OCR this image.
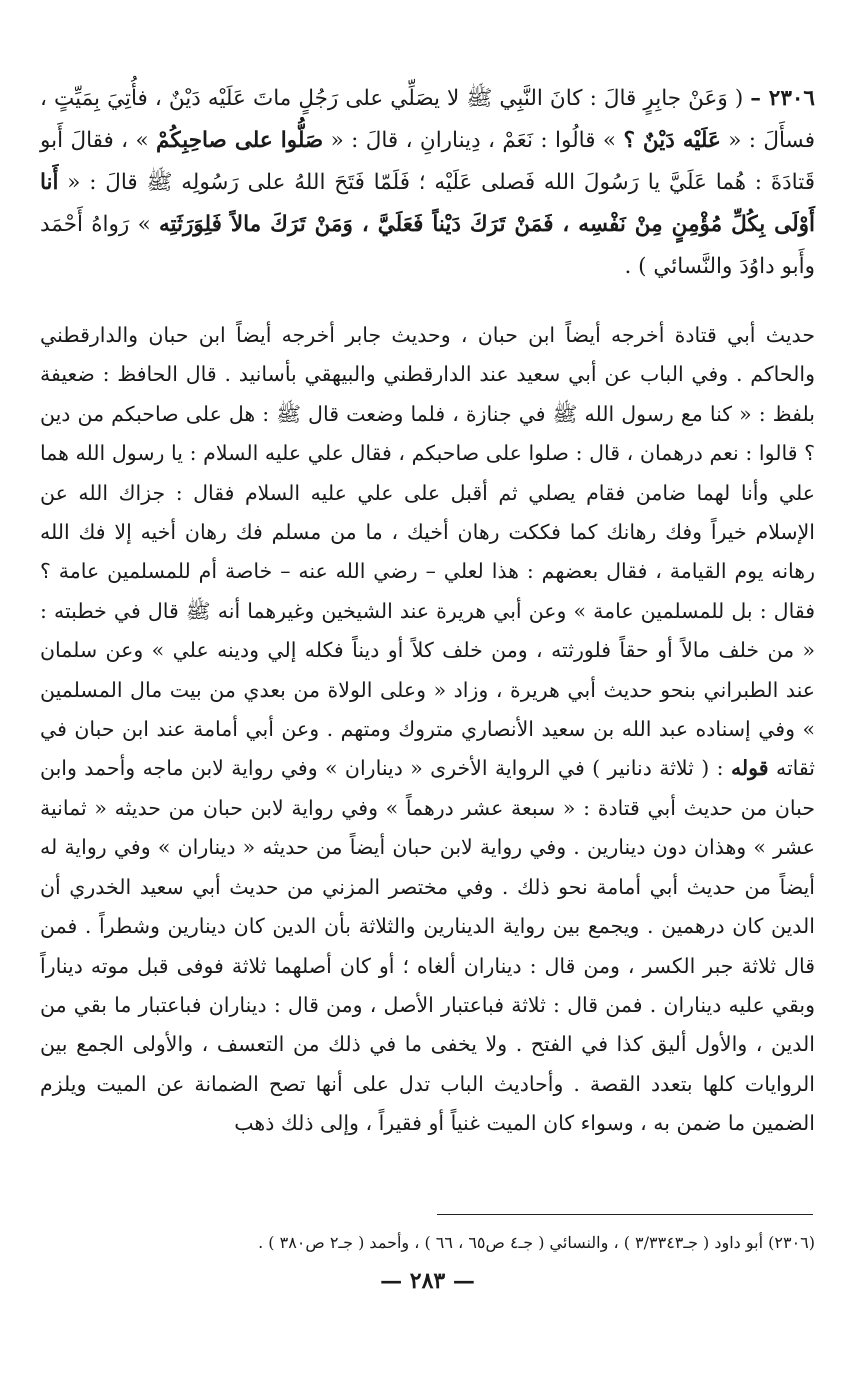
٢٣٠٦ – ( وَعَنْ جابِرٍ قالَ : كانَ النَّبِي ﷺ لا يصَلِّي على رَجُلٍ ماتَ عَلَيْه دَيْنٌ ، فأُتِيَ بِمَيِّتٍ ، فسأَلَ : « عَلَيْه دَيْنٌ ؟ » قالُوا : نَعَمْ ، دِينارانِ ، قالَ : « صَلُّوا على صاحِبِكُمْ » ، فقالَ أَبو قَتادَةَ : هُما عَلَيَّ يا رَسُولَ الله فَصلى عَلَيْه ؛ فَلَمّا فَتَحَ اللهُ على رَسُولِه ﷺ قالَ : « أَنا أَوْلَى بِكُلِّ مُؤْمِنٍ مِنْ نَفْسِه ، فَمَنْ تَرَكَ دَيْناً فَعَلَيَّ ، وَمَنْ تَرَكَ مالاً فَلِوَرَثَتِه » رَواهُ أَحْمَد وأَبو داوُدَ والنَّسائي ) .

حديث أبي قتادة أخرجه أيضاً ابن حبان ، وحديث جابر أخرجه أيضاً ابن حبان والدارقطني والحاكم . وفي الباب عن أبي سعيد عند الدارقطني والبيهقي بأسانيد . قال الحافظ : ضعيفة بلفظ : « كنا مع رسول الله ﷺ في جنازة ، فلما وضعت قال ﷺ : هل على صاحبكم من دين ؟ قالوا : نعم درهمان ، قال : صلوا على صاحبكم ، فقال علي عليه السلام : يا رسول الله هما علي وأنا لهما ضامن فقام يصلي ثم أقبل على علي عليه السلام فقال : جزاك الله عن الإسلام خيراً وفك رهانك كما فككت رهان أخيك ، ما من مسلم فك رهان أخيه إلا فك الله رهانه يوم القيامة ، فقال بعضهم : هذا لعلي – رضي الله عنه – خاصة أم للمسلمين عامة ؟ فقال : بل للمسلمين عامة » وعن أبي هريرة عند الشيخين وغيرهما أنه ﷺ قال في خطبته : « من خلف مالاً أو حقاً فلورثته ، ومن خلف كلاً أو ديناً فكله إلي ودينه علي » وعن سلمان عند الطبراني بنحو حديث أبي هريرة ، وزاد « وعلى الولاة من بعدي من بيت مال المسلمين » وفي إسناده عبد الله بن سعيد الأنصاري متروك ومتهم . وعن أبي أمامة عند ابن حبان في ثقاته قوله : ( ثلاثة دنانير ) في الرواية الأخرى « ديناران » وفي رواية لابن ماجه وأحمد وابن حبان من حديث أبي قتادة : « سبعة عشر درهماً » وفي رواية لابن حبان من حديثه « ثمانية عشر » وهذان دون دينارين . وفي رواية لابن حبان أيضاً من حديثه « ديناران » وفي رواية له أيضاً من حديث أبي أمامة نحو ذلك . وفي مختصر المزني من حديث أبي سعيد الخدري أن الدين كان درهمين . ويجمع بين رواية الدينارين والثلاثة بأن الدين كان دينارين وشطراً . فمن قال ثلاثة جبر الكسر ، ومن قال : ديناران ألغاه ؛ أو كان أصلهما ثلاثة فوفى قبل موته ديناراً وبقي عليه ديناران . فمن قال : ثلاثة فباعتبار الأصل ، ومن قال : ديناران فباعتبار ما بقي من الدين ، والأول أليق كذا في الفتح . ولا يخفى ما في ذلك من التعسف ، والأولى الجمع بين الروايات كلها بتعدد القصة . وأحاديث الباب تدل على أنها تصح الضمانة عن الميت ويلزم الضمين ما ضمن به ، وسواء كان الميت غنياً أو فقيراً ، وإلى ذلك ذهب

(٢٣٠٦) أبو داود ( جـ٣/٣٣٤٣ ) ، والنسائي ( جـ٤ ص٦٥ ، ٦٦ ) ، وأحمد ( جـ٢ ص٣٨٠ ) .
— ٢٨٣ —
